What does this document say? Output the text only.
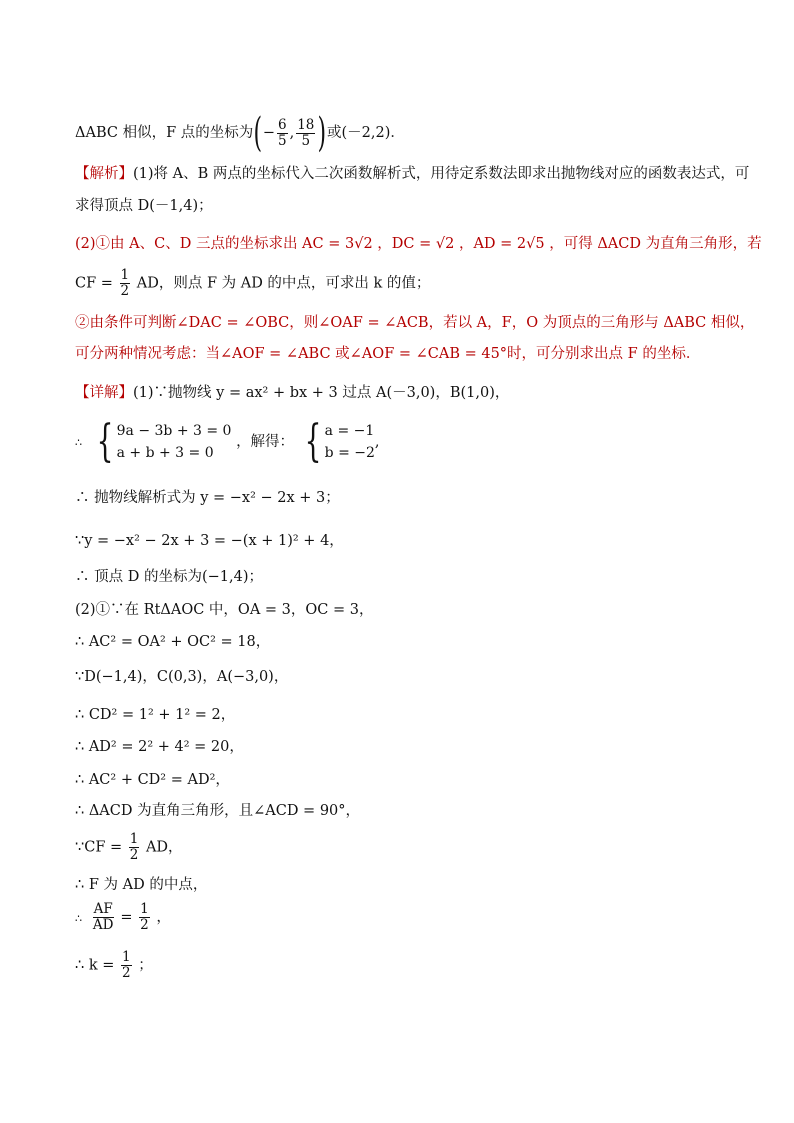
ΔABC 相似，F 点的坐标为(− $\frac{6}{5}$ , $\frac{18}{5}$ )或(－2,2)．
【解析】(1)将 A、B 两点的坐标代入二次函数解析式，用待定系数法即求出抛物线对应的函数表达式，可
求得顶点 D(－1,4)；
(2)①由 A、C、D 三点的坐标求出 AC = 3√2 ，DC = √2 ，AD = 2√5 ，可得 ΔACD 为直角三角形，若
CF = $\frac{1}{2}$ AD，则点 F 为 AD 的中点，可求出 k 的值；
②由条件可判断∠DAC = ∠OBC，则∠OAF = ∠ACB，若以 A，F，O 为顶点的三角形与 ΔABC 相似，
可分两种情况考虑：当∠AOF = ∠ABC 或∠AOF = ∠CAB = 45°时，可分别求出点 F 的坐标．
【详解】(1)∵抛物线 y = ax² + bx + 3 过点 A(－3,0)，B(1,0)，
∴ { 9a − 3b + 3 = 0
a + b + 3 = 0
，解得： { a = −1
b = −2
,
∴ 抛物线解析式为 y = −x² − 2x + 3；
∵y = −x² − 2x + 3 = −(x + 1)² + 4，
∴ 顶点 D 的坐标为(−1,4)；
(2)①∵在 RtΔAOC 中，OA = 3，OC = 3，
∴ AC² = OA² + OC² = 18，
∵D(−1,4)，C(0,3)，A(−3,0)，
∴ CD² = 1² + 1² = 2，
∴ AD² = 2² + 4² = 20，
∴ AC² + CD² = AD²，
∴ ΔACD 为直角三角形，且∠ACD = 90°，
∵CF = $\frac{1}{2}$ AD，
∴ F 为 AD 的中点，
∴ $\frac{AF}{AD} = \frac{1}{2}$ ，
∴ $k = \frac{1}{2}$ ；
